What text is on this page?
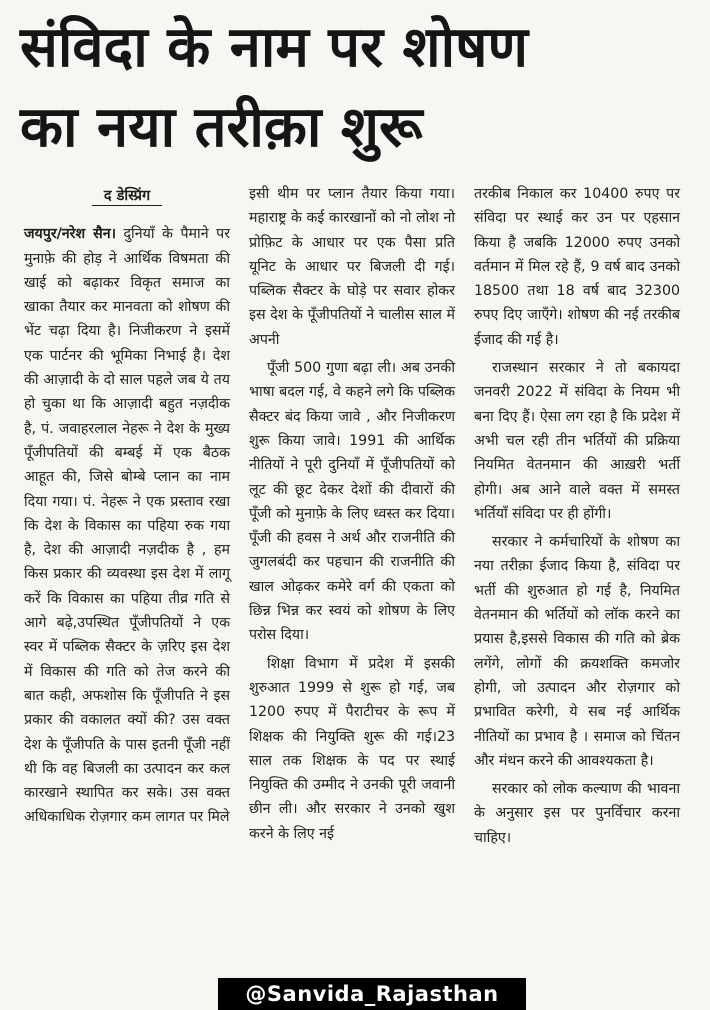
संविदा के नाम पर शोषण
का नया तरीक़ा शुरू
द डेस्प्रिंग

जयपुर/नरेश सैन। दुनियाँ के पैमाने पर मुनाफ़े की होड़ ने आर्थिक विषमता की खाई को बढ़ाकर विकृत समाज का खाका तैयार कर मानवता को शोषण की भेंट चढ़ा दिया है। निजीकरण ने इसमें एक पार्टनर की भूमिका निभाई है। देश की आज़ादी के दो साल पहले जब ये तय हो चुका था कि आज़ादी बहुत नज़दीक है, पं. जवाहरलाल नेहरू ने देश के मुख्य पूँजीपतियों की बम्बई में एक बैठक आहूत की, जिसे बोम्बे प्लान का नाम दिया गया। पं. नेहरू ने एक प्रस्ताव रखा कि देश के विकास का पहिया रुक गया है, देश की आज़ादी नज़दीक है , हम किस प्रकार की व्यवस्था इस देश में लागू करें कि विकास का पहिया तीव्र गति से आगे बढ़े,उपस्थित पूँजीपतियों ने एक स्वर में पब्लिक सैक्टर के ज़रिए इस देश में विकास की गति को तेज करने की बात कही, अफशोस कि पूँजीपति ने इस प्रकार की वकालत क्यों की? उस वक्त देश के पूँजीपति के पास इतनी पूँजी नहीं थी कि वह बिजली का उत्पादन कर कल कारखाने स्थापित कर सके। उस वक्त अधिकाधिक रोज़गार कम लागत पर मिले

इसी थीम पर प्लान तैयार किया गया। महाराष्ट्र के कई कारखानों को नो लोश नो प्रोफ़िट के आधार पर एक पैसा प्रति यूनिट के आधार पर बिजली दी गई।पब्लिक सैक्टर के घोड़े पर सवार होकर इस देश के पूँजीपतियों ने चालीस साल में अपनी

पूँजी 500 गुणा बढ़ा ली। अब उनकी भाषा बदल गई, वे कहने लगे कि पब्लिक सैक्टर बंद किया जावे , और निजीकरण शुरू किया जावे। 1991 की आर्थिक नीतियों ने पूरी दुनियाँ में पूँजीपतियों को लूट की छूट देकर देशों की दीवारों की पूँजी को मुनाफ़े के लिए ध्वस्त कर दिया। पूँजी की हवस ने अर्थ और राजनीति की जुगलबंदी कर पहचान की राजनीति की खाल ओढ़कर कमेरे वर्ग की एकता को छिन्न भिन्न कर स्वयं को शोषण के लिए परोस दिया।

शिक्षा विभाग में प्रदेश में इसकी शुरुआत 1999 से शुरू हो गई, जब 1200 रुपए में पैराटीचर के रूप में शिक्षक की नियुक्ति शुरू की गई।23 साल तक शिक्षक के पद पर स्थाई नियुक्ति की उम्मीद ने उनकी पूरी जवानी छीन ली। और सरकार ने उनको खुश करने के लिए नई

तरकीब निकाल कर 10400 रुपए पर संविदा पर स्थाई कर उन पर एहसान किया है जबकि 12000 रुपए उनको वर्तमान में मिल रहे हैं, 9 वर्ष बाद उनको 18500 तथा 18 वर्ष बाद 32300 रुपए दिए जाएँगे। शोषण की नई तरकीब ईजाद की गई है।

राजस्थान सरकार ने तो बकायदा जनवरी 2022 में संविदा के नियम भी बना दिए हैं। ऐसा लग रहा है कि प्रदेश में अभी चल रही तीन भर्तियों की प्रक्रिया नियमित वेतनमान की आख़री भर्ती होगी। अब आने वाले वक्त में समस्त भर्तियाँ संविदा पर ही होंगी।

सरकार ने कर्मचारियों के शोषण का नया तरीक़ा ईजाद किया है, संविदा पर भर्ती की शुरुआत हो गई है, नियमित वेतनमान की भर्तियों को लॉक करने का प्रयास है,इससे विकास की गति को ब्रेक लगेंगे, लोगों की क्रयशक्ति कमजोर होगी, जो उत्पादन और रोज़गार को प्रभावित करेगी, ये सब नई आर्थिक नीतियों का प्रभाव है । समाज को चिंतन और मंथन करने की आवश्यकता है।

सरकार को लोक कल्याण की भावना के अनुसार इस पर पुनर्विचार करना चाहिए।

@Sanvida_Rajasthan
